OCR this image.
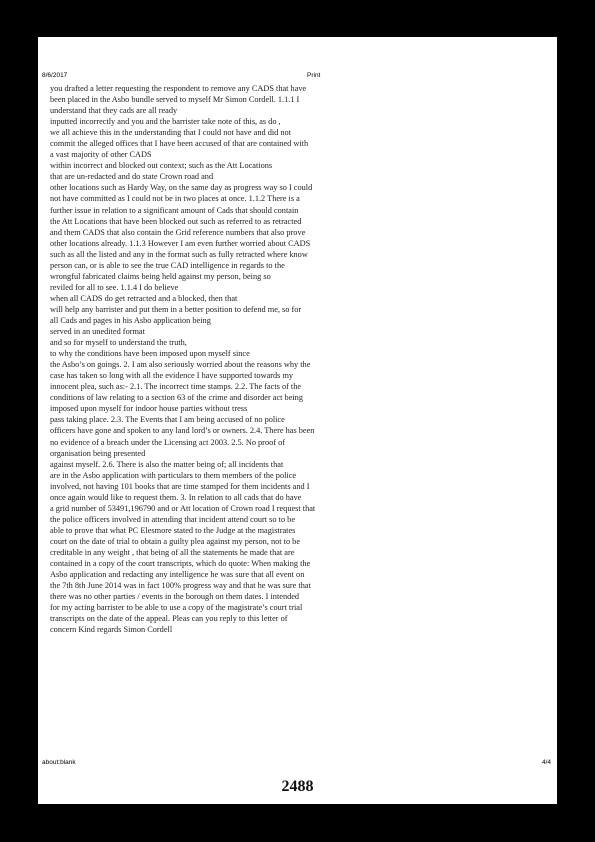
8/6/2017	Print
you drafted a letter requesting the respondent to remove any CADS that have
been placed in the Asbo bundle served to myself Mr Simon Cordell. 1.1.1 I
understand that they cads are all ready
inputted incorrectly and you and the barrister take note of this, as do ,
we all achieve this in the understanding that I could not have and did not
commit the alleged offices that I have been accused of that are contained with
a vast majority of other CADS
within incorrect and blocked out context; such as the Att Locations
that are un-redacted and do state Crown road and
other locations such as Hardy Way, on the same day as progress way so I could
not have committed as I could not be in two places at once. 1.1.2 There is a
further issue in relation to a significant amount of Cads that should contain
the Att Locations that have been blocked out such as referred to as retracted
and them CADS that also contain the Grid reference numbers that also prove
other locations already. 1.1.3 However I am even further worried about CADS
such as all the listed and any in the format such as fully retracted where know
person can, or is able to see the true CAD intelligence in regards to the
wrongful fabricated claims being held against my person, being so
reviled for all to see. 1.1.4 I do believe
when all CADS do get retracted and a blocked, then that
will help any barrister and put them in a better position to defend me, so for
all Cads and pages in his Asbo application being
served in an unedited format
and so for myself to understand the truth,
to why the conditions have been imposed upon myself since
the Asbo’s on goings. 2. I am also seriously worried about the reasons why the
case has taken so long with all the evidence I have supported towards my
innocent plea, such as:- 2.1. The incorrect time stamps. 2.2. The facts of the
conditions of law relating to a section 63 of the crime and disorder act being
imposed upon myself for indoor house parties without tress
pass taking place. 2.3. The Events that I am being accused of no police
officers have gone and spoken to any land lord’s or owners. 2.4. There has been
no evidence of a breach under the Licensing act 2003. 2.5. No proof of
organisation being presented
against myself. 2.6. There is also the matter being of; all incidents that
are in the Asbo application with particulars to them members of the police
involved, not having 101 books that are time stamped for them incidents and I
once again would like to request them. 3. In relation to all cads that do have
a grid number of 53491,196790 and or Att location of Crown road I request that
the police officers involved in attending that incident attend court so to be
able to prove that what PC Elesmore stated to the Judge at the magistrates
court on the date of trial to obtain a guilty plea against my person, not to be
creditable in any weight , that being of all the statements he made that are
contained in a copy of the court transcripts, which do quote: When making the
Asbo application and redacting any intelligence he was sure that all event on
the 7th 8th June 2014 was in fact 100% progress way and that he was sure that
there was no other parties / events in the borough on them dates. I intended
for my acting barrister to be able to use a copy of the magistrate’s court trial
transcripts on the date of the appeal. Pleas can you reply to this letter of
concern Kind regards Simon Cordell
about:blank	4/4
2488
